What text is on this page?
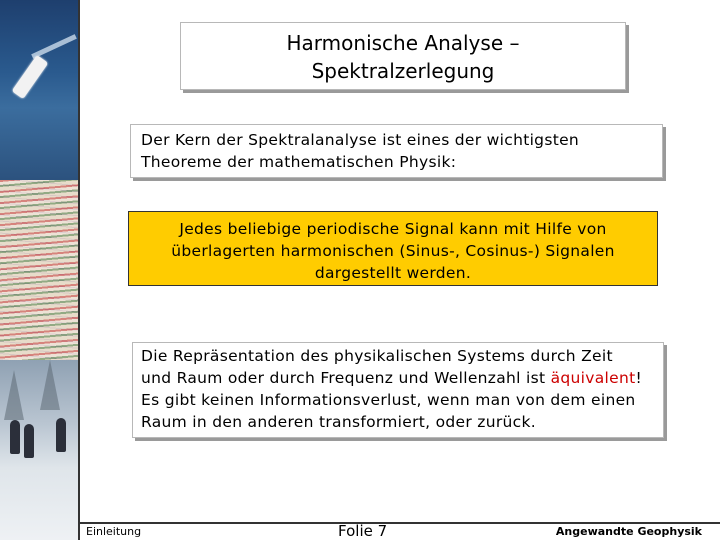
Harmonische Analyse –
Spektralzerlegung
Der Kern der Spektralanalyse ist eines der wichtigsten
Theoreme der mathematischen Physik:
Jedes beliebige periodische Signal kann mit Hilfe von
überlagerten harmonischen (Sinus-, Cosinus-) Signalen
dargestellt werden.
Die Repräsentation des physikalischen Systems durch Zeit
und Raum oder durch Frequenz und Wellenzahl ist äquivalent!
Es gibt keinen Informationsverlust, wenn man von dem einen
Raum in den anderen transformiert, oder zurück.
Einleitung	Folie 7	Angewandte Geophysik
